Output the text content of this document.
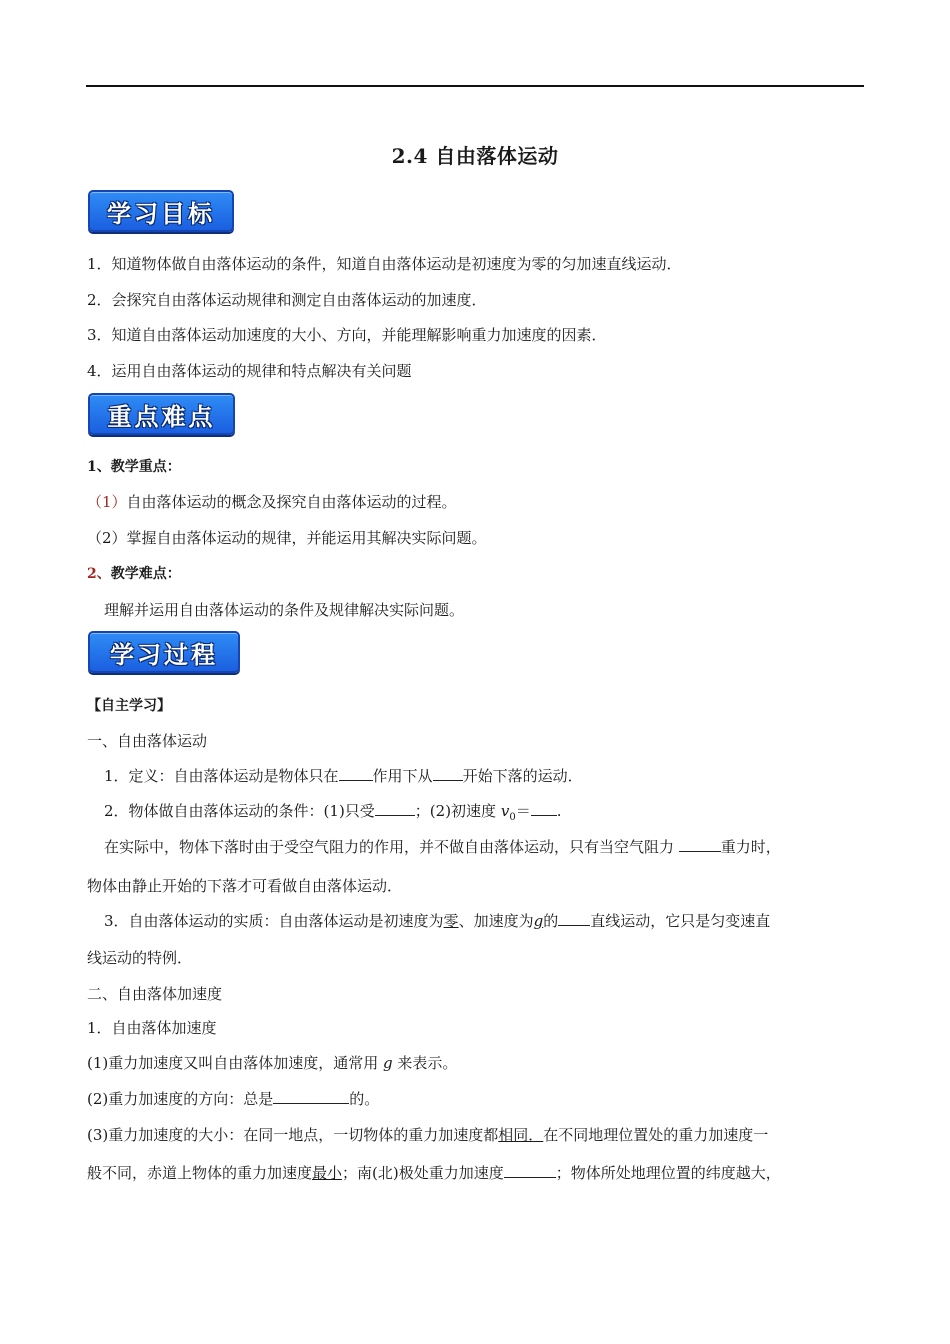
2.4 自由落体运动
学习目标
1．知道物体做自由落体运动的条件，知道自由落体运动是初速度为零的匀加速直线运动．
2．会探究自由落体运动规律和测定自由落体运动的加速度．
3．知道自由落体运动加速度的大小、方向，并能理解影响重力加速度的因素．
4．运用自由落体运动的规律和特点解决有关问题
重点难点
1、教学重点：
（1）自由落体运动的概念及探究自由落体运动的过程。
（2）掌握自由落体运动的规律，并能运用其解决实际问题。
2、教学难点：
理解并运用自由落体运动的条件及规律解决实际问题。
学习过程
【自主学习】
一、自由落体运动
1．定义：自由落体运动是物体只在 作用下从 开始下落的运动．
2．物体做自由落体运动的条件：(1)只受	；(2)初速度 $v_0=$ .
在实际中，物体下落时由于受空气阻力的作用，并不做自由落体运动，只有当空气阻力	重力时，
物体由静止开始的下落才可看做自由落体运动．
3．自由落体运动的实质：自由落体运动是初速度为零、加速度为g的 直线运动，它只是匀变速直
线运动的特例．
二、自由落体加速度
1．自由落体加速度
(1)重力加速度又叫自由落体加速度，通常用 g 来表示。
(2)重力加速度的方向：总是	的。
(3)重力加速度的大小：在同一地点，一切物体的重力加速度都相同．在不同地理位置处的重力加速度一
般不同，赤道上物体的重力加速度最小；南(北)极处重力加速度	；物体所处地理位置的纬度越大，
